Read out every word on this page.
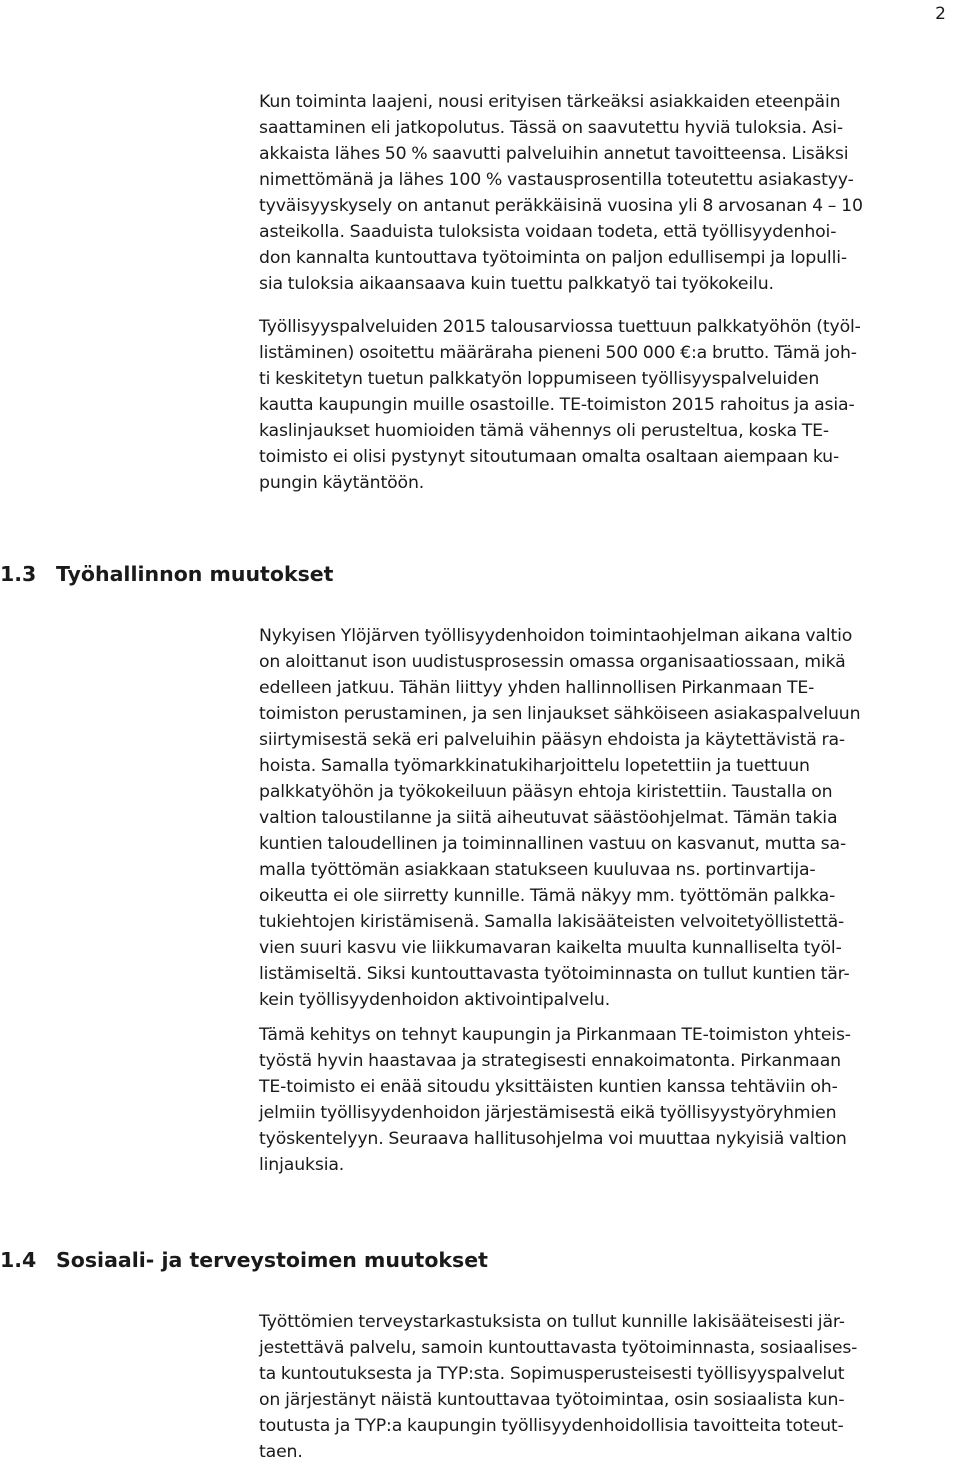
2

Kun toiminta laajeni, nousi erityisen tärkeäksi asiakkaiden eteenpäin
saattaminen eli jatkopolutus. Tässä on saavutettu hyviä tuloksia. Asi-
akkaista lähes 50 % saavutti palveluihin annetut tavoitteensa. Lisäksi
nimettömänä ja lähes 100 % vastausprosentilla toteutettu asiakastyy-
tyväisyyskysely on antanut peräkkäisinä vuosina yli 8 arvosanan 4 – 10
asteikolla. Saaduista tuloksista voidaan todeta, että työllisyydenhoi-
don kannalta kuntouttava työtoiminta on paljon edullisempi ja lopulli-
sia tuloksia aikaansaava kuin tuettu palkkatyö tai työkokeilu.

Työllisyyspalveluiden 2015 talousarviossa tuettuun palkkatyöhön (työl-
listäminen) osoitettu määräraha pieneni 500 000 €:a brutto. Tämä joh-
ti keskitetyn tuetun palkkatyön loppumiseen työllisyyspalveluiden
kautta kaupungin muille osastoille. TE-toimiston 2015 rahoitus ja asia-
kaslinjaukset huomioiden tämä vähennys oli perusteltua, koska TE-
toimisto ei olisi pystynyt sitoutumaan omalta osaltaan aiempaan ku-
pungin käytäntöön.

1.3 Työhallinnon muutokset

Nykyisen Ylöjärven työllisyydenhoidon toimintaohjelman aikana valtio
on aloittanut ison uudistusprosessin omassa organisaatiossaan, mikä
edelleen jatkuu. Tähän liittyy yhden hallinnollisen Pirkanmaan TE-
toimiston perustaminen, ja sen linjaukset sähköiseen asiakaspalveluun
siirtymisestä sekä eri palveluihin pääsyn ehdoista ja käytettävistä ra-
hoista. Samalla työmarkkinatukiharjoittelu lopetettiin ja tuettuun
palkkatyöhön ja työkokeiluun pääsyn ehtoja kiristettiin. Taustalla on
valtion taloustilanne ja siitä aiheutuvat säästöohjelmat. Tämän takia
kuntien taloudellinen ja toiminnallinen vastuu on kasvanut, mutta sa-
malla työttömän asiakkaan statukseen kuuluvaa ns. portinvartija-
oikeutta ei ole siirretty kunnille. Tämä näkyy mm. työttömän palkka-
tukiehtojen kiristämisenä. Samalla lakisääteisten velvoitetyöllistettä-
vien suuri kasvu vie liikkumavaran kaikelta muulta kunnalliselta työl-
listämiseltä. Siksi kuntouttavasta työtoiminnasta on tullut kuntien tär-
kein työllisyydenhoidon aktivointipalvelu.

Tämä kehitys on tehnyt kaupungin ja Pirkanmaan TE-toimiston yhteis-
työstä hyvin haastavaa ja strategisesti ennakoimatonta. Pirkanmaan
TE-toimisto ei enää sitoudu yksittäisten kuntien kanssa tehtäviin oh-
jelmiin työllisyydenhoidon järjestämisestä eikä työllisyystyöryhmien
työskentelyyn. Seuraava hallitusohjelma voi muuttaa nykyisiä valtion
linjauksia.

1.4 Sosiaali- ja terveystoimen muutokset

Työttömien terveystarkastuksista on tullut kunnille lakisääteisesti jär-
jestettävä palvelu, samoin kuntouttavasta työtoiminnasta, sosiaalises-
ta kuntoutuksesta ja TYP:sta. Sopimusperusteisesti työllisyyspalvelut
on järjestänyt näistä kuntouttavaa työtoimintaa, osin sosiaalista kun-
toutusta ja TYP:a kaupungin työllisyydenhoidollisia tavoitteita toteut-
taen.
